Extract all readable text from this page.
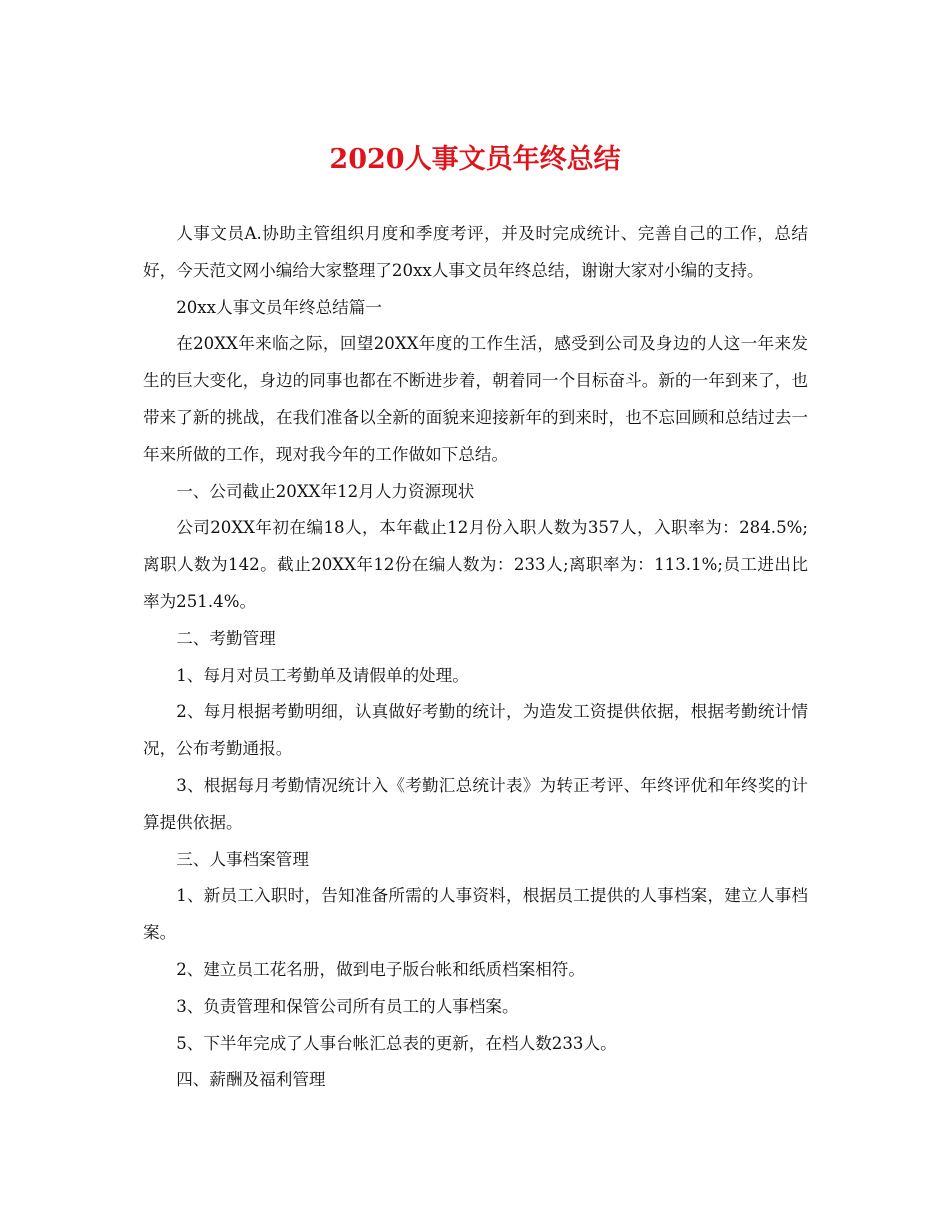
2020人事文员年终总结

人事文员A.协助主管组织月度和季度考评，并及时完成统计、完善自己的工作，总结好，今天范文网小编给大家整理了20xx人事文员年终总结，谢谢大家对小编的支持。

20xx人事文员年终总结篇一

在20XX年来临之际，回望20XX年度的工作生活，感受到公司及身边的人这一年来发生的巨大变化，身边的同事也都在不断进步着，朝着同一个目标奋斗。新的一年到来了，也带来了新的挑战，在我们准备以全新的面貌来迎接新年的到来时，也不忘回顾和总结过去一年来所做的工作，现对我今年的工作做如下总结。

一、公司截止20XX年12月人力资源现状

公司20XX年初在编18人，本年截止12月份入职人数为357人，入职率为：284.5%;离职人数为142。截止20XX年12份在编人数为：233人;离职率为：113.1%;员工进出比率为251.4%。

二、考勤管理

1、每月对员工考勤单及请假单的处理。

2、每月根据考勤明细，认真做好考勤的统计，为造发工资提供依据，根据考勤统计情况，公布考勤通报。

3、根据每月考勤情况统计入《考勤汇总统计表》为转正考评、年终评优和年终奖的计算提供依据。

三、人事档案管理

1、新员工入职时，告知准备所需的人事资料，根据员工提供的人事档案，建立人事档案。

2、建立员工花名册，做到电子版台帐和纸质档案相符。

3、负责管理和保管公司所有员工的人事档案。

5、下半年完成了人事台帐汇总表的更新，在档人数233人。

四、薪酬及福利管理
